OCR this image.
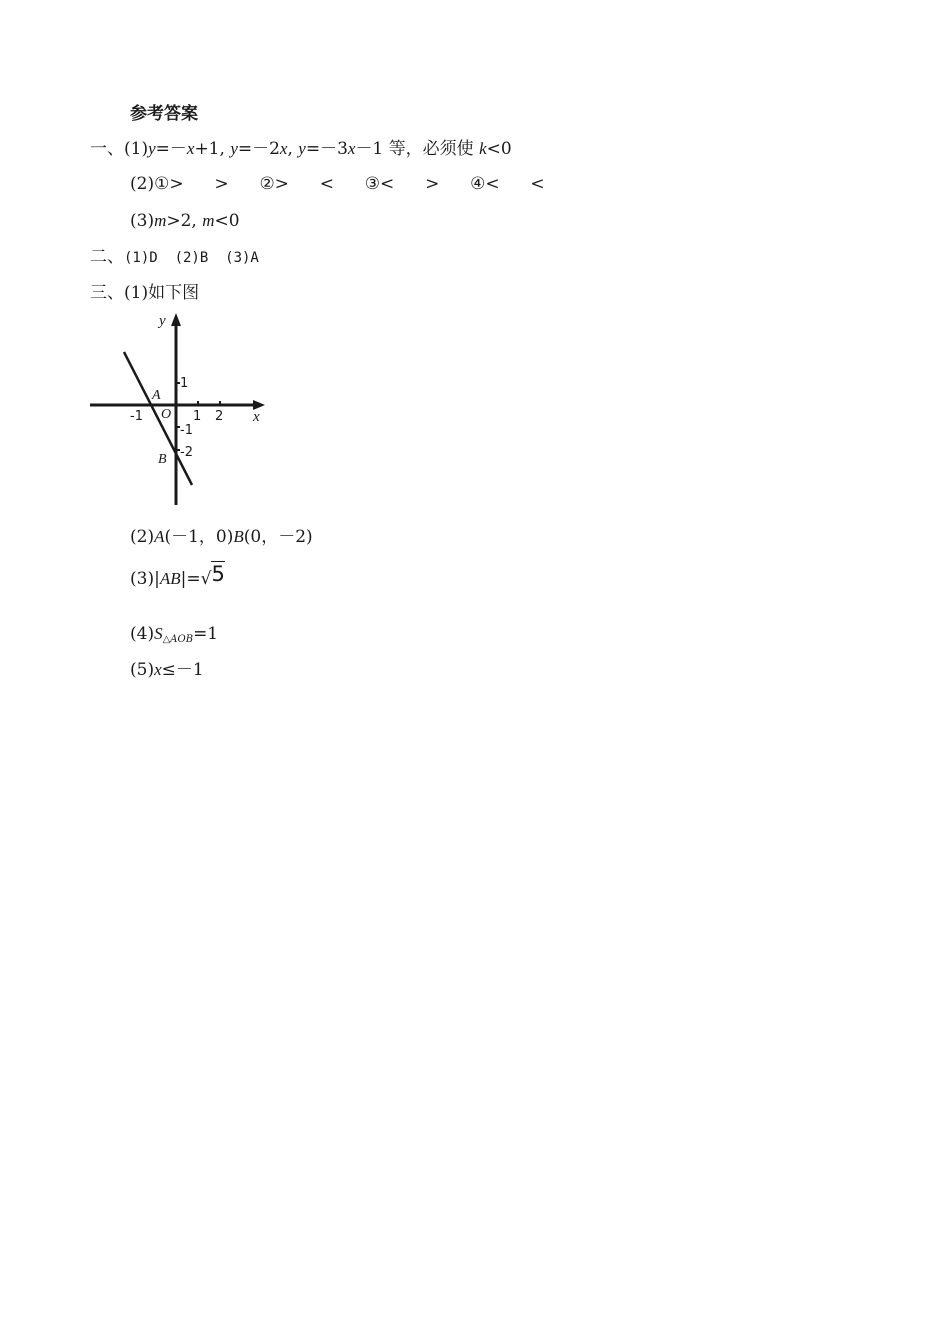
参考答案
一、(1)y=－x+1, y=－2x, y=－3x－1 等，必须使 k<0
(2)①>  >  ②>  <  ③<  >  ④<  <
(3)m>2, m<0
二、(1)D  (2)B  (3)A
三、(1)如下图
y
x
O
A
B
-1	1 2
1
-1
-2
(2)A(－1，0)B(0，－2)
(3)|AB|=√5
$(4)S_{\triangle AOB}=1$
(5)x≤－1
